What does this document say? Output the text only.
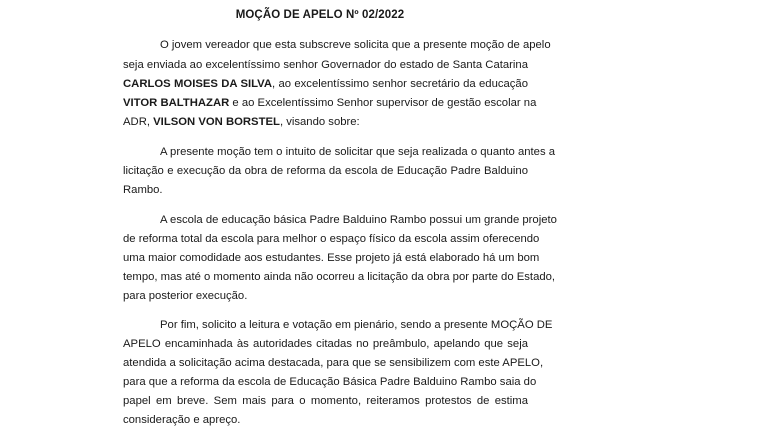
MOÇÃO DE APELO Nº 02/2022
O jovem vereador que esta subscreve solicita que a presente moção de apelo
seja enviada ao excelentíssimo senhor Governador do estado de Santa Catarina
CARLOS MOISES DA SILVA, ao excelentíssimo senhor secretário da educação
VITOR BALTHAZAR e ao Excelentíssimo Senhor supervisor de gestão escolar na
ADR, VILSON VON BORSTEL, visando sobre:
A presente moção tem o intuito de solicitar que seja realizada o quanto antes a
licitação e execução da obra de reforma da escola de Educação Padre Balduino
Rambo.
A escola de educação básica Padre Balduino Rambo possui um grande projeto
de reforma total da escola para melhor o espaço físico da escola assim oferecendo
uma maior comodidade aos estudantes. Esse projeto já está elaborado há um bom
tempo, mas até o momento ainda não ocorreu a licitação da obra por parte do Estado,
para posterior execução.
Por fim, solicito a leitura e votação em pienário, sendo a presente MOÇÃO DE
APELO encaminhada às autoridades citadas no preâmbulo, apelando que seja
atendida a solicitação acima destacada, para que se sensibilizem com este APELO,
para que a reforma da escola de Educação Básica Padre Balduino Rambo saia do
papel em breve. Sem mais para o momento, reiteramos protestos de estima
consideração e apreço.
